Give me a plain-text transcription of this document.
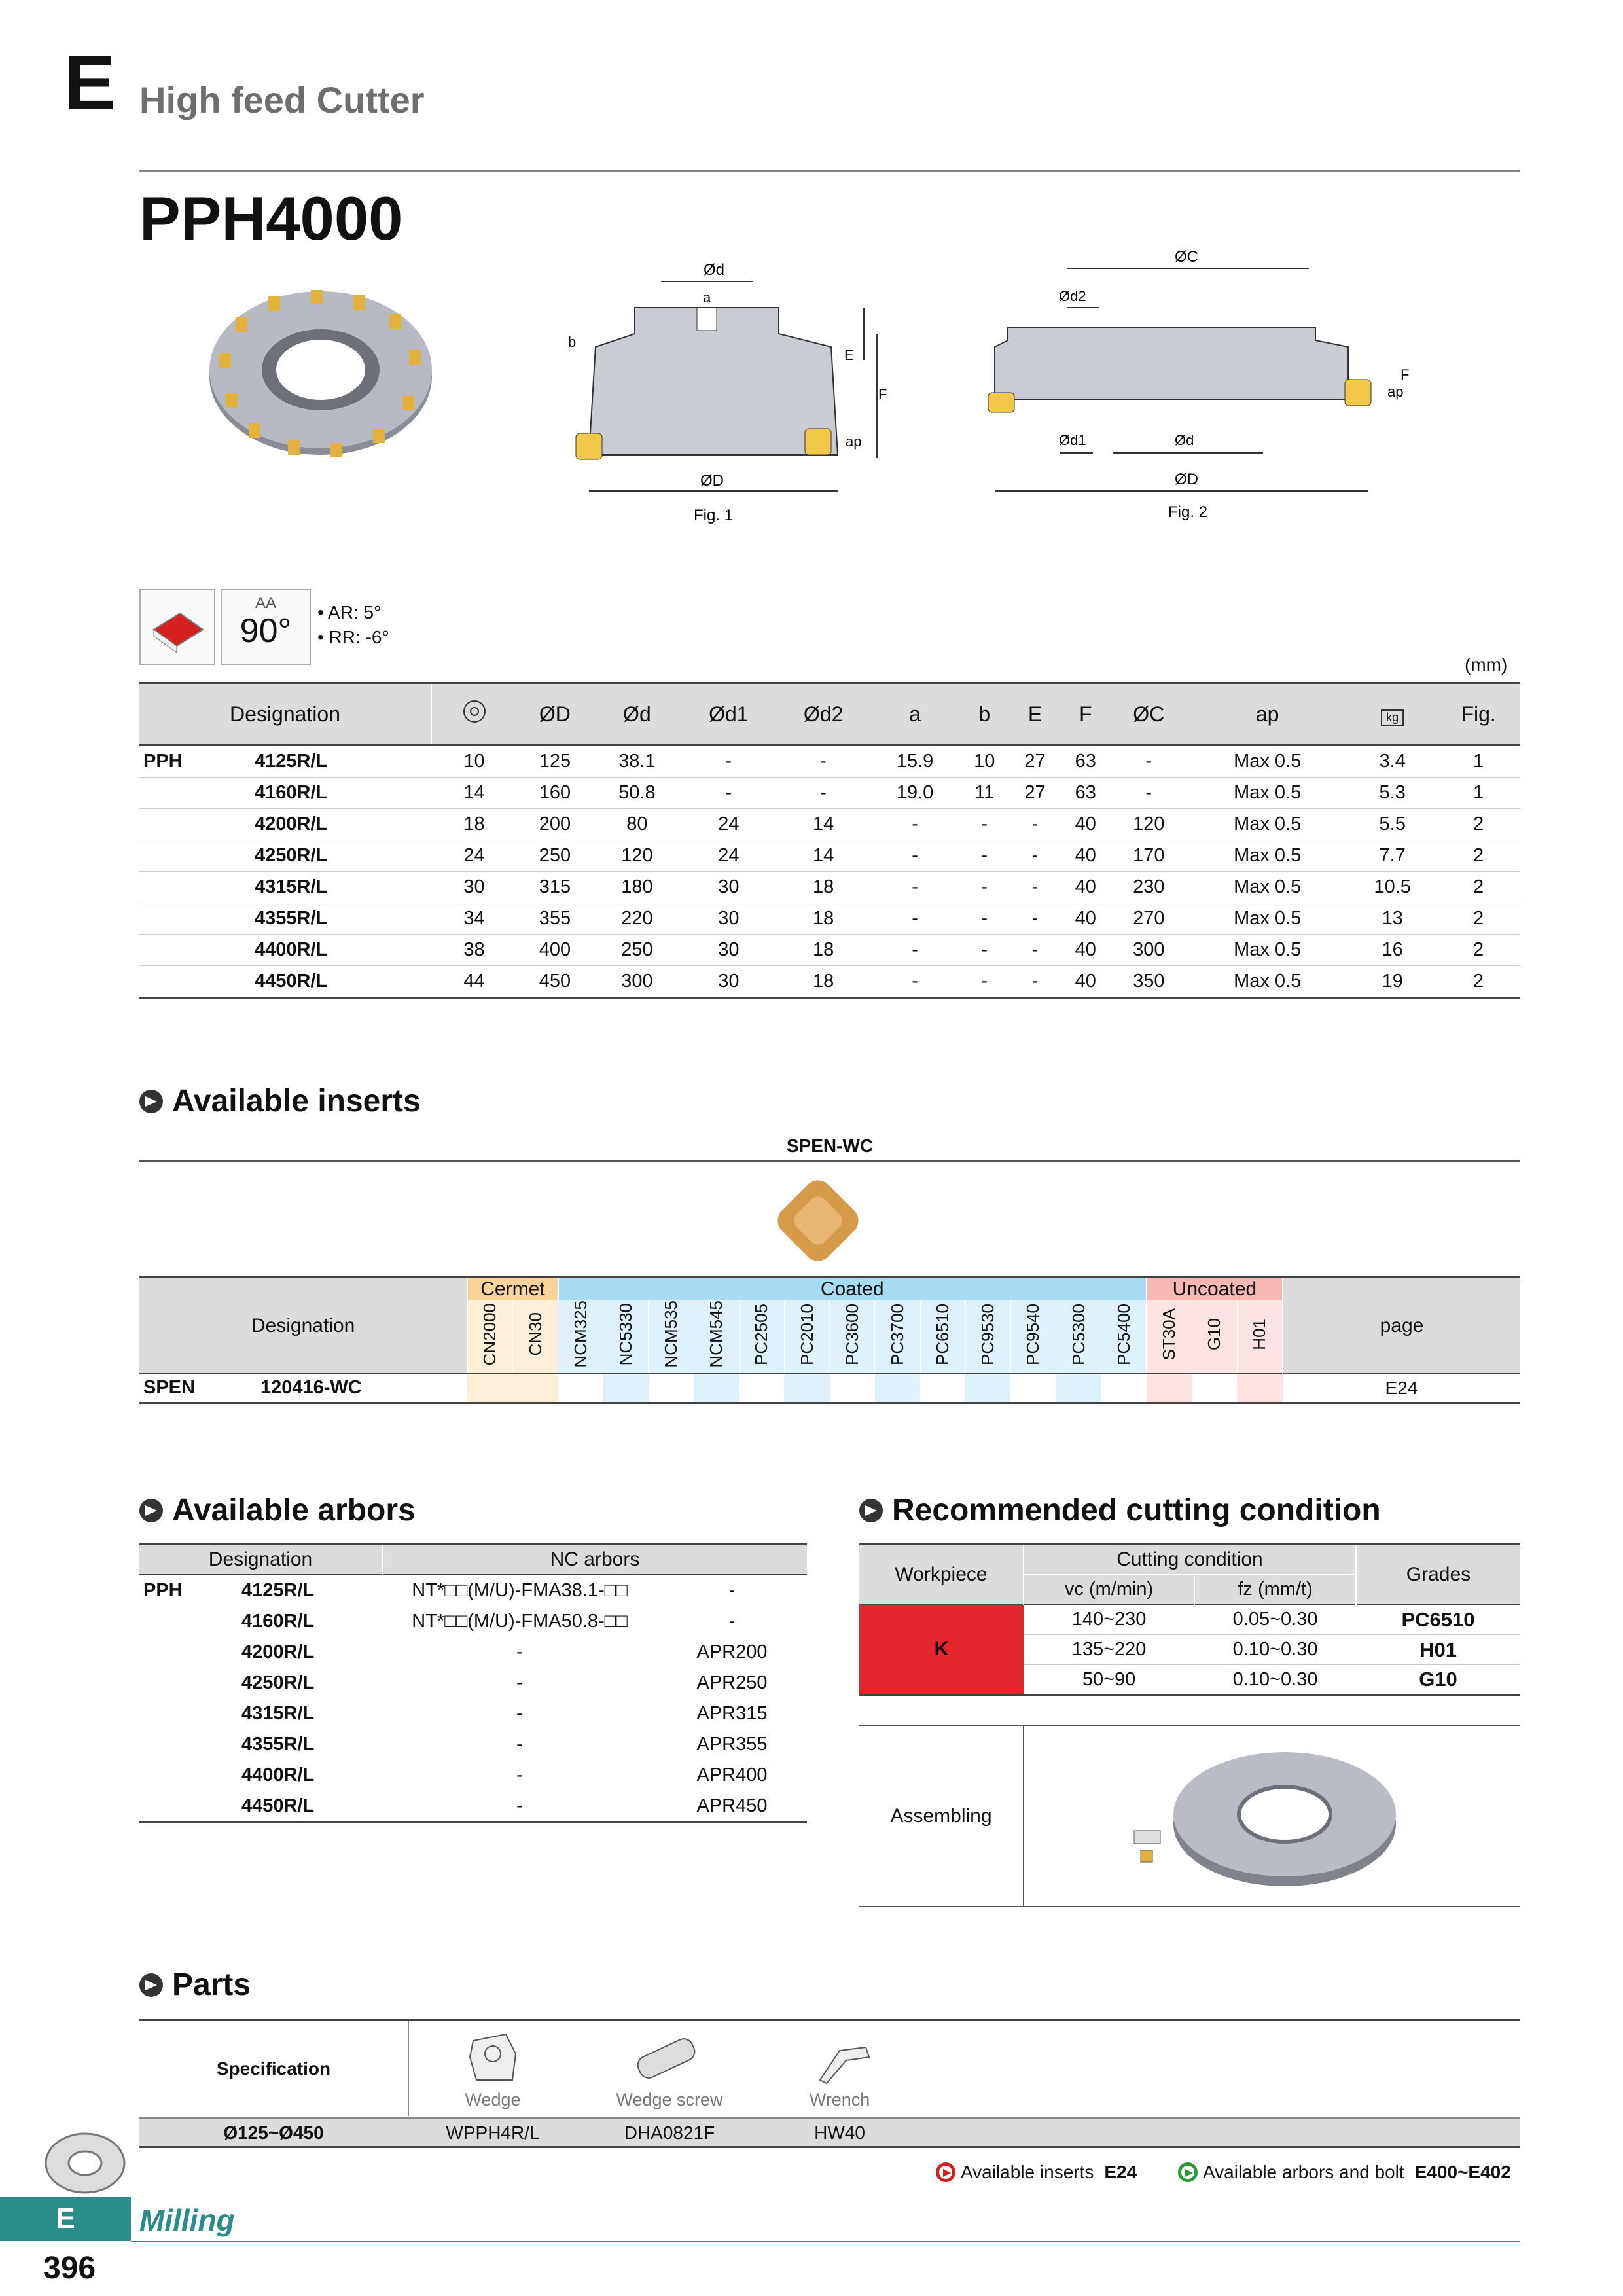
E High feed Cutter
PPH4000
Ød
a
b
E
F
ap
ØD
Fig. 1
ØC
Ød2
F
ap
Ød1	Ød
ØD
Fig. 2
AA
90°	• AR: 5°
• RR: -6°
(mm)
Designation			ØD	Ød	Ød1	Ød2	a	b	E	F	ØC	ap	kg	Fig.
PPH	4125R/L	10	125	38.1	-	-	15.9	10	27	63	-	Max 0.5	3.4	1
	4160R/L	14	160	50.8	-	-	19.0	11	27	63	-	Max 0.5	5.3	1
	4200R/L	18	200	80	24	14	-	-	-	40	120	Max 0.5	5.5	2
	4250R/L	24	250	120	24	14	-	-	-	40	170	Max 0.5	7.7	2
	4315R/L	30	315	180	30	18	-	-	-	40	230	Max 0.5	10.5	2
	4355R/L	34	355	220	30	18	-	-	-	40	270	Max 0.5	13	2
	4400R/L	38	400	250	30	18	-	-	-	40	300	Max 0.5	16	2
	4450R/L	44	450	300	30	18	-	-	-	40	350	Max 0.5	19	2
Available inserts
SPEN-WC
Designation	Cermet		Coated													Uncoated			page
	CN2000	CN30	NCM325	NC5330	NCM535	NCM545	PC2505	PC2010	PC3600	PC3700	PC6510	PC9530	PC9540	PC5300	PC5400	ST30A	G10	H01	
SPEN 120416-WC																			E24
Available arbors
Designation		NC arbors	
PPH	4125R/L	NT*□□(M/U)-FMA38.1-□□	-
	4160R/L	NT*□□(M/U)-FMA50.8-□□	-
	4200R/L	-	APR200
	4250R/L	-	APR250
	4315R/L	-	APR315
	4355R/L	-	APR355
	4400R/L	-	APR400
	4450R/L	-	APR450
Recommended cutting condition
Workpiece	Cutting condition		Grades
	vc (m/min)	fz (mm/t)	
K	140~230	0.05~0.30	PC6510
	135~220	0.10~0.30	H01
	50~90	0.10~0.30	G10
Assembling
Parts
Specification
Wedge	Wedge screw	Wrench
Ø125~Ø450	WPPH4R/L	DHA0821F	HW40
Available inserts E24	Available arbors and bolt E400~E402
E	Milling
396
